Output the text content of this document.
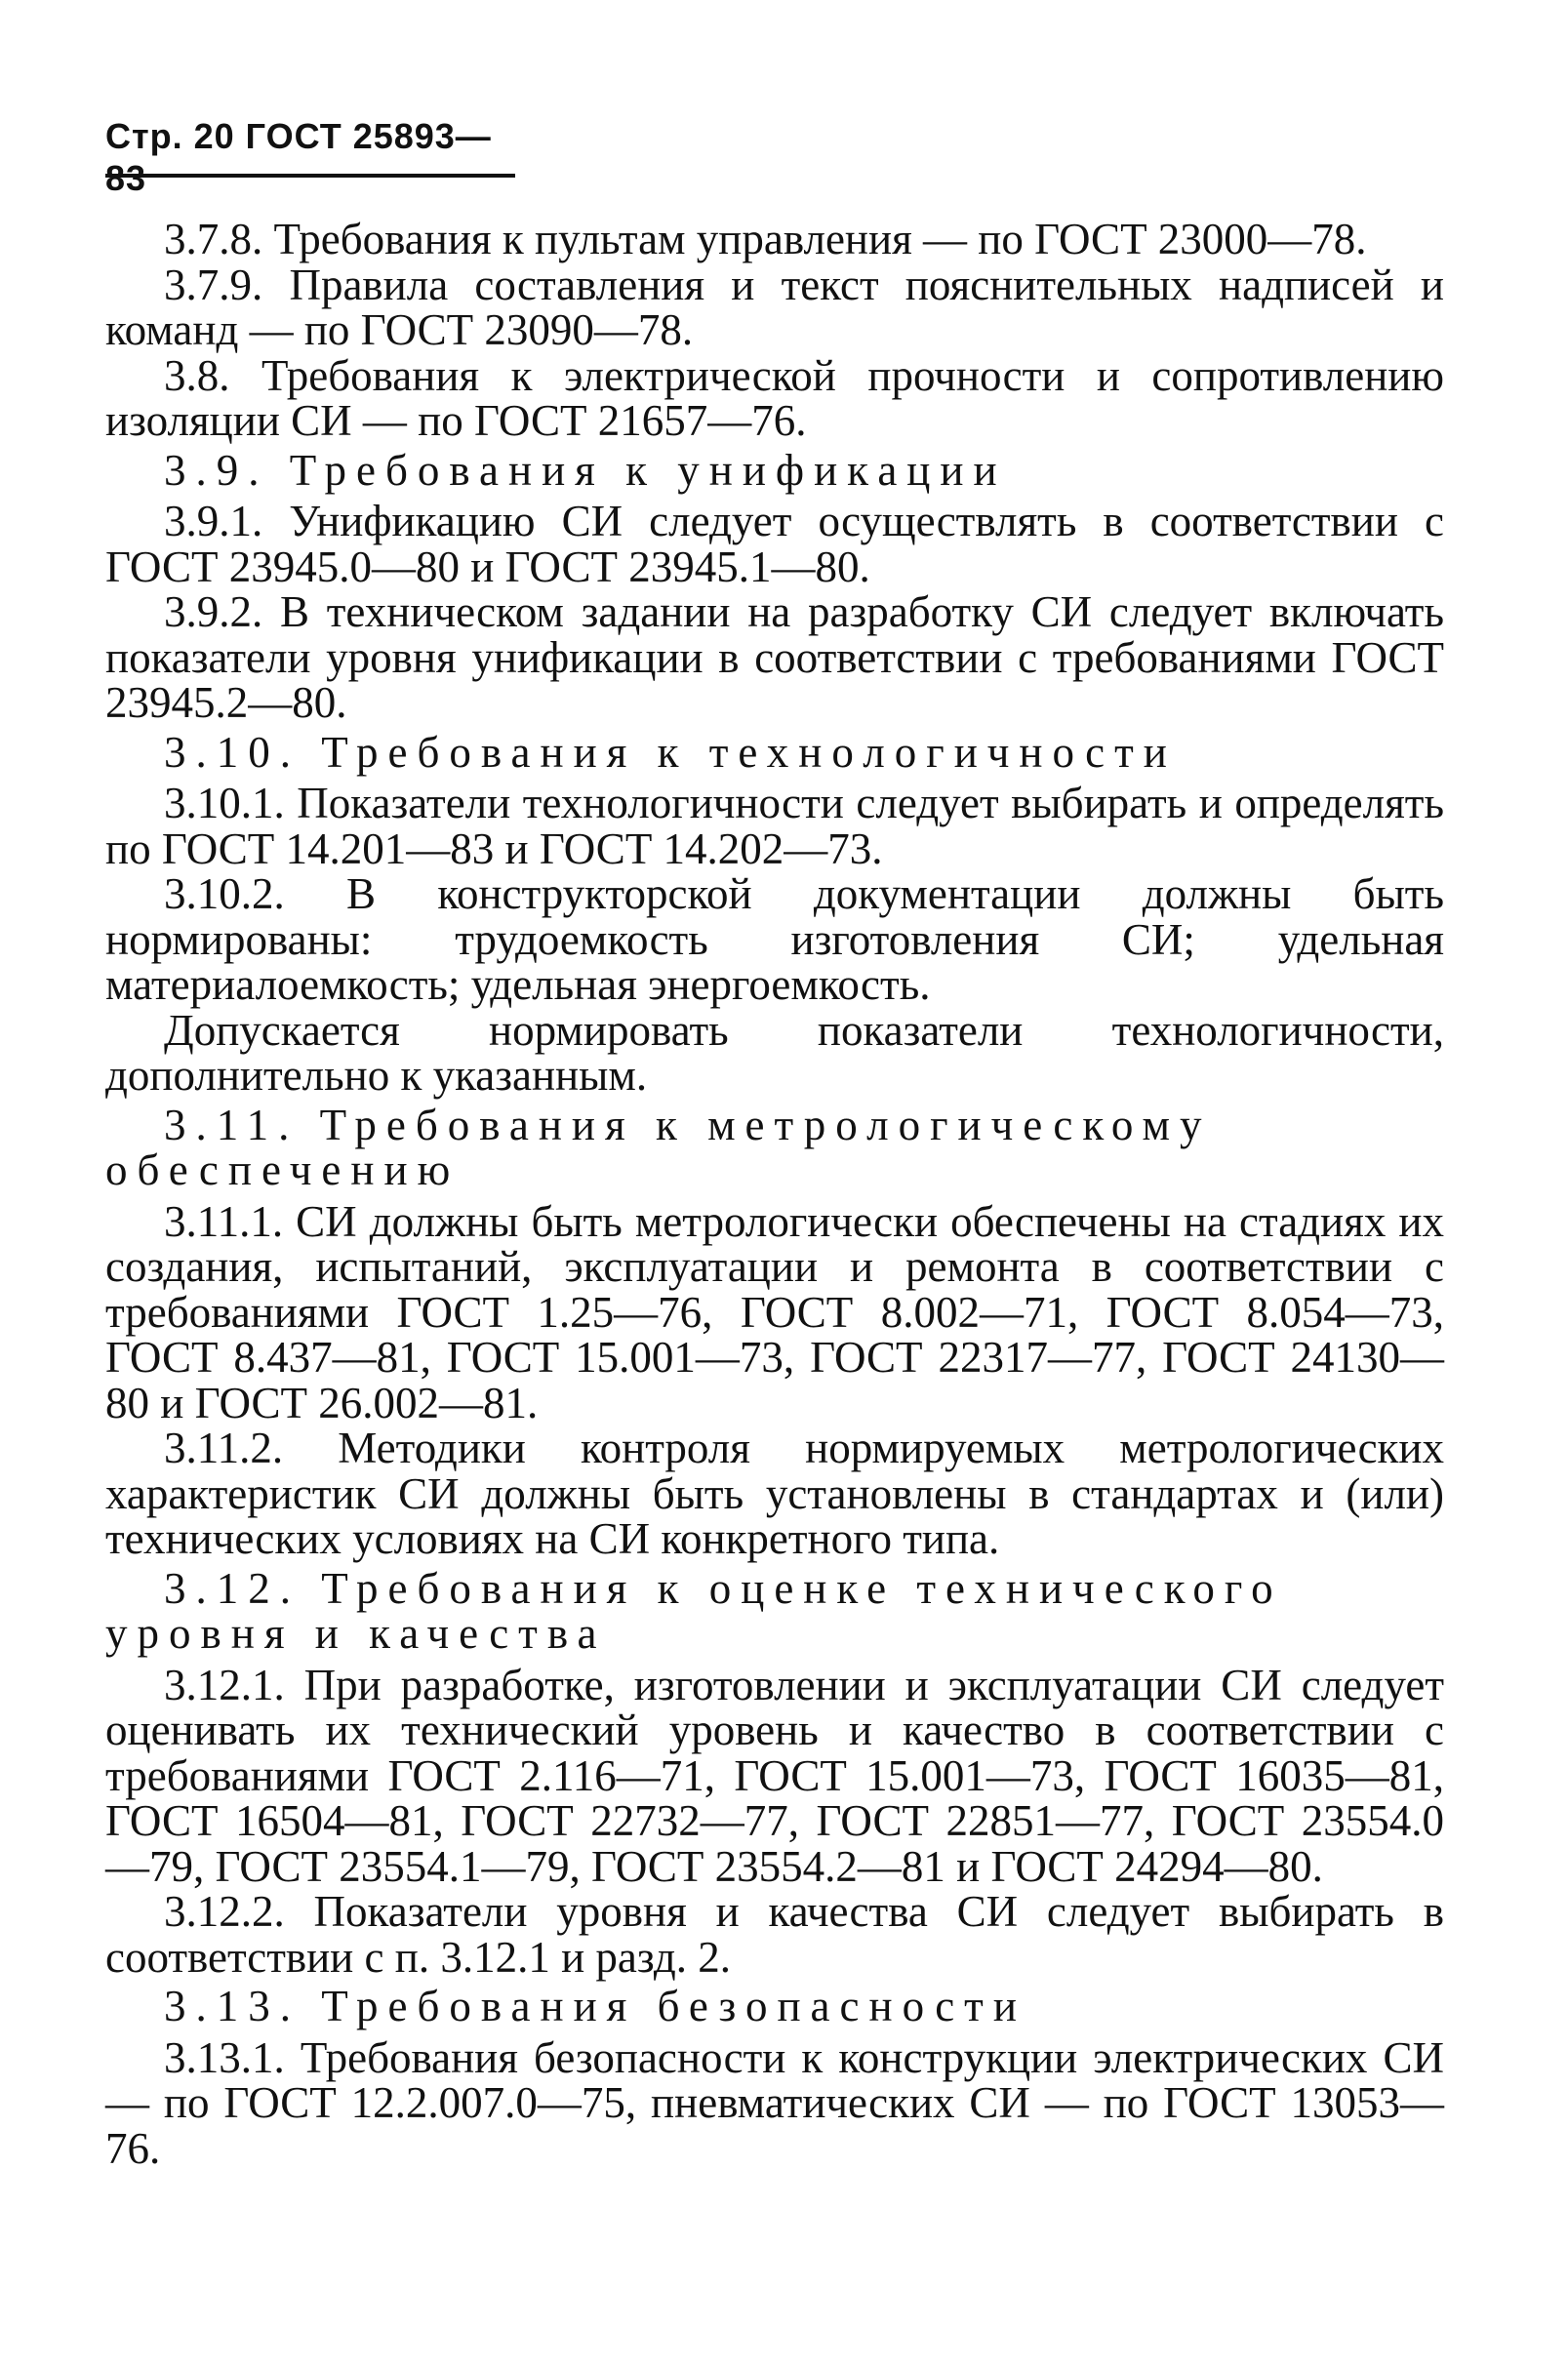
Стр. 20 ГОСТ 25893—83

3.7.8. Требования к пультам управления — по ГОСТ 23000—78.

3.7.9. Правила составления и текст пояснительных надписей и команд — по ГОСТ 23090—78.

3.8. Требования к электрической прочности и сопротивлению изоляции СИ — по ГОСТ 21657—76.

3.9. Требования к унификации

3.9.1. Унификацию СИ следует осуществлять в соответствии с ГОСТ 23945.0—80 и ГОСТ 23945.1—80.

3.9.2. В техническом задании на разработку СИ следует включать показатели уровня унификации в соответствии с требованиями ГОСТ 23945.2—80.

3.10. Требования к технологичности

3.10.1. Показатели технологичности следует выбирать и определять по ГОСТ 14.201—83 и ГОСТ 14.202—73.

3.10.2. В конструкторской документации должны быть нормированы: трудоемкость изготовления СИ; удельная материалоемкость; удельная энергоемкость.

Допускается нормировать показатели технологичности, дополнительно к указанным.

3.11. Требования к метрологическому обеспечению

3.11.1. СИ должны быть метрологически обеспечены на стадиях их создания, испытаний, эксплуатации и ремонта в соответствии с требованиями ГОСТ 1.25—76, ГОСТ 8.002—71, ГОСТ 8.054—73, ГОСТ 8.437—81, ГОСТ 15.001—73, ГОСТ 22317—77, ГОСТ 24130—80 и ГОСТ 26.002—81.

3.11.2. Методики контроля нормируемых метрологических характеристик СИ должны быть установлены в стандартах и (или) технических условиях на СИ конкретного типа.

3.12. Требования к оценке технического уровня и качества

3.12.1. При разработке, изготовлении и эксплуатации СИ следует оценивать их технический уровень и качество в соответствии с требованиями ГОСТ 2.116—71, ГОСТ 15.001—73, ГОСТ 16035—81, ГОСТ 16504—81, ГОСТ 22732—77, ГОСТ 22851—77, ГОСТ 23554.0—79, ГОСТ 23554.1—79, ГОСТ 23554.2—81 и ГОСТ 24294—80.

3.12.2. Показатели уровня и качества СИ следует выбирать в соответствии с п. 3.12.1 и разд. 2.

3.13. Требования безопасности

3.13.1. Требования безопасности к конструкции электрических СИ — по ГОСТ 12.2.007.0—75, пневматических СИ — по ГОСТ 13053—76.
